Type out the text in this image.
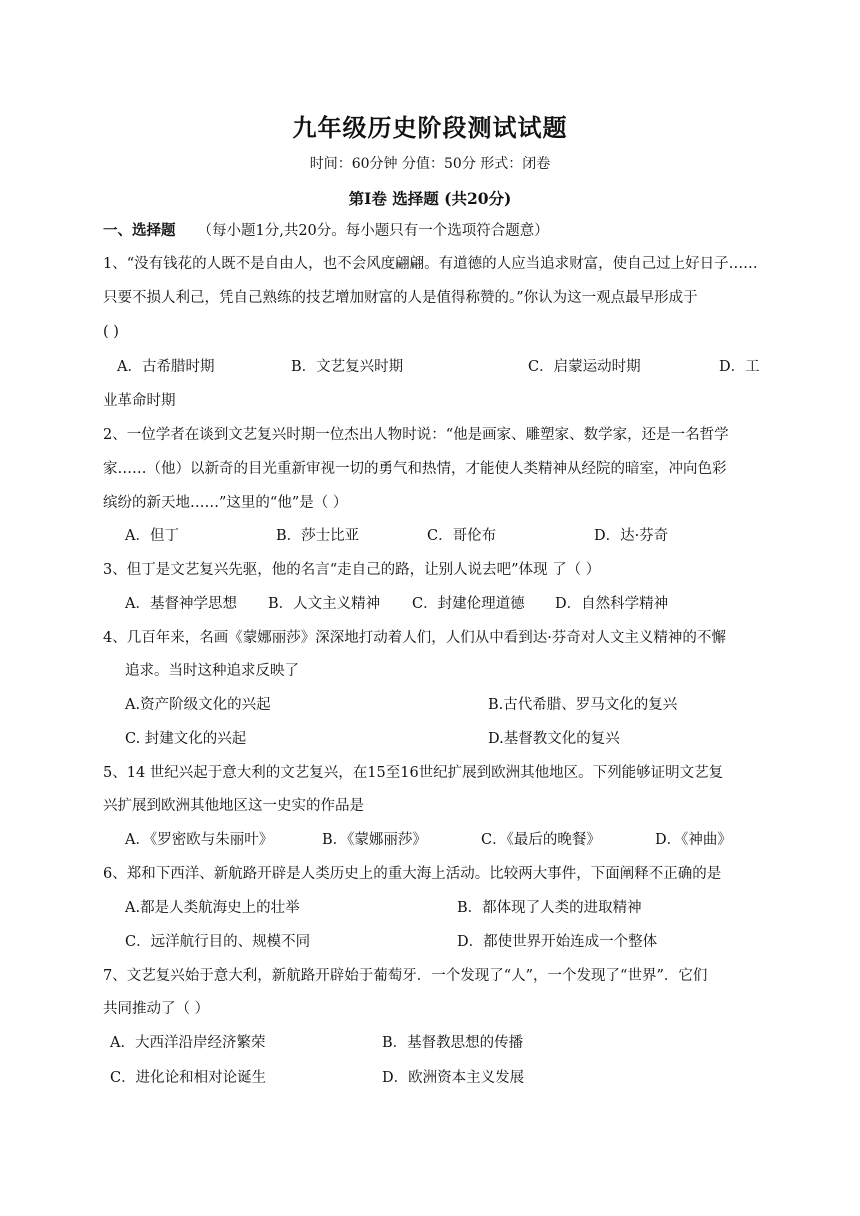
九年级历史阶段测试试题
时间：60分钟 分值：50分 形式：闭卷
第Ⅰ卷 选择题 (共20分)
一、选择题 （每小题1分,共20分。每小题只有一个选项符合题意）
1、“没有钱花的人既不是自由人，也不会风度翩翩。有道德的人应当追求财富，使自己过上好日子……
只要不损人利己，凭自己熟练的技艺增加财富的人是值得称赞的。”你认为这一观点最早形成于
( )
A．古希腊时期	B．文艺复兴时期	C．启蒙运动时期	D．工
业革命时期
2、一位学者在谈到文艺复兴时期一位杰出人物时说：“他是画家、雕塑家、数学家，还是一名哲学
家……（他）以新奇的目光重新审视一切的勇气和热情，才能使人类精神从经院的暗室，冲向色彩
缤纷的新天地……”这里的“他”是（ ）
A．但丁	B．莎士比亚	C．哥伦布	D．达·芬奇
3、但丁是文艺复兴先驱，他的名言“走自己的路，让别人说去吧”体现 了（ ）
A．基督神学思想 B．人文主义精神 C．封建伦理道德 D．自然科学精神
4、几百年来，名画《蒙娜丽莎》深深地打动着人们，人们从中看到达·芬奇对人文主义精神的不懈
追求。当时这种追求反映了
A.资产阶级文化的兴起	B.古代希腊、罗马文化的复兴
C. 封建文化的兴起	D.基督教文化的复兴
5、14 世纪兴起于意大利的文艺复兴，在15至16世纪扩展到欧洲其他地区。下列能够证明文艺复
兴扩展到欧洲其他地区这一史实的作品是
A．《罗密欧与朱丽叶》	B．《蒙娜丽莎》	C．《最后的晚餐》	D．《神曲》
6、郑和下西洋、新航路开辟是人类历史上的重大海上活动。比较两大事件，下面阐释不正确的是
A.都是人类航海史上的壮举	B．都体现了人类的进取精神
C．远洋航行目的、规模不同	D．都使世界开始连成一个整体
7、文艺复兴始于意大利，新航路开辟始于葡萄牙．一个发现了“人”，一个发现了“世界”．它们
共同推动了（ ）
A．大西洋沿岸经济繁荣	B．基督教思想的传播
C．进化论和相对论诞生	D．欧洲资本主义发展
